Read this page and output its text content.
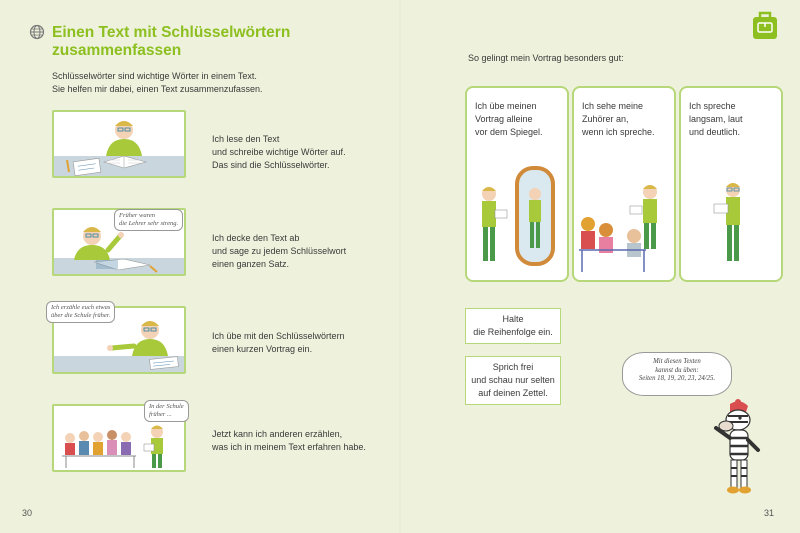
Einen Text mit Schlüsselwörtern
zusammenfassen
Schlüsselwörter sind wichtige Wörter in einem Text.
Sie helfen mir dabei, einen Text zusammenzufassen.
Ich lese den Text
und schreibe wichtige Wörter auf.
Das sind die Schlüsselwörter.
Früher waren
die Lehrer sehr streng.
Ich decke den Text ab
und sage zu jedem Schlüsselwort
einen ganzen Satz.
Ich erzähle euch etwas
über die Schule früher.
Ich übe mit den Schlüsselwörtern
einen kurzen Vortrag ein.
In der Schule
früher ...
Jetzt kann ich anderen erzählen,
was ich in meinem Text erfahren habe.
30
So gelingt mein Vortrag besonders gut:
Ich übe meinen
Vortrag alleine
vor dem Spiegel.
Ich sehe meine
Zuhörer an,
wenn ich spreche.
Ich spreche
langsam, laut
und deutlich.
Halte
die Reihenfolge ein.
Sprich frei
und schau nur selten
auf deinen Zettel.
Mit diesen Texten
kannst du üben:
Seiten 18, 19, 20, 23, 24/25.
31
